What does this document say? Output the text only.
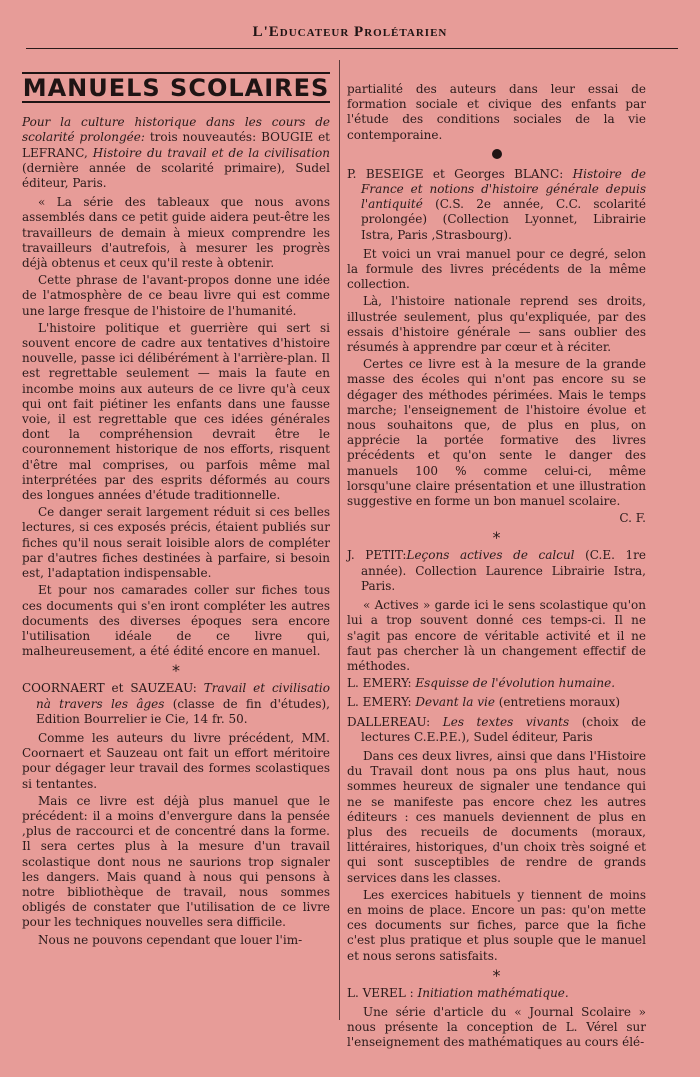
L'Educateur Prolétarien
MANUELS SCOLAIRES

Pour la culture historique dans les cours de scolarité prolongée: trois nouveautés: BOUGIE et LEFRANC, Histoire du travail et de la civilisation (dernière année de scolarité primaire), Sudel éditeur, Paris.

« La série des tableaux que nous avons assemblés dans ce petit guide aidera peut-être les travailleurs de demain à mieux comprendre les travailleurs d'autrefois, à mesurer les progrès déjà obtenus et ceux qu'il reste à obtenir.

Cette phrase de l'avant-propos donne une idée de l'atmosphère de ce beau livre qui est comme une large fresque de l'histoire de l'humanité.

L'histoire politique et guerrière qui sert si souvent encore de cadre aux tentatives d'histoire nouvelle, passe ici délibérément à l'arrière-plan. Il est regrettable seulement — mais la faute en incombe moins aux auteurs de ce livre qu'à ceux qui ont fait piétiner les enfants dans une fausse voie, il est regrettable que ces idées générales dont la compréhension devrait être le couronnement historique de nos efforts, risquent d'être mal comprises, ou parfois même mal interprétées par des esprits déformés au cours des longues années d'étude traditionnelle.

Ce danger serait largement réduit si ces belles lectures, si ces exposés précis, étaient publiés sur fiches qu'il nous serait loisible alors de compléter par d'autres fiches destinées à parfaire, si besoin est, l'adaptation indispensable.

Et pour nos camarades coller sur fiches tous ces documents qui s'en iront compléter les autres documents des diverses époques sera encore l'utilisation idéale de ce livre qui, malheureusement, a été édité encore en manuel.

*

COORNAERT et SAUZEAU: Travail et civilisatio nà travers les âges (classe de fin d'études), Edition Bourrelier ie Cie, 14 fr. 50.

Comme les auteurs du livre précédent, MM. Coornaert et Sauzeau ont fait un effort méritoire pour dégager leur travail des formes scolastiques si tentantes.

Mais ce livre est déjà plus manuel que le précédent: il a moins d'envergure dans la pensée ,plus de raccourci et de concentré dans la forme. Il sera certes plus à la mesure d'un travail scolastique dont nous ne saurions trop signaler les dangers. Mais quand à nous qui pensons à notre bibliothèque de travail, nous sommes obligés de constater que l'utilisation de ce livre pour les techniques nouvelles sera difficile.

Nous ne pouvons cependant que louer l'im-

partialité des auteurs dans leur essai de formation sociale et civique des enfants par l'étude des conditions sociales de la vie contemporaine.

P. BESEIGE et Georges BLANC: Histoire de France et notions d'histoire générale depuis l'antiquité (C.S. 2e année, C.C. scolarité prolongée) (Collection Lyonnet, Librairie Istra, Paris ,Strasbourg).

Et voici un vrai manuel pour ce degré, selon la formule des livres précédents de la même collection.

Là, l'histoire nationale reprend ses droits, illustrée seulement, plus qu'expliquée, par des essais d'histoire générale — sans oublier des résumés à apprendre par cœur et à réciter.

Certes ce livre est à la mesure de la grande masse des écoles qui n'ont pas encore su se dégager des méthodes périmées. Mais le temps marche; l'enseignement de l'histoire évolue et nous souhaitons que, de plus en plus, on apprécie la portée formative des livres précédents et qu'on sente le danger des manuels 100 % comme celui-ci, même lorsqu'une claire présentation et une illustration suggestive en forme un bon manuel scolaire.

C. F.

*

J. PETIT:Leçons actives de calcul (C.E. 1re année). Collection Laurence Librairie Istra, Paris.

« Actives » garde ici le sens scolastique qu'on lui a trop souvent donné ces temps-ci. Il ne s'agit pas encore de véritable activité et il ne faut pas chercher là un changement effectif de méthodes.

L. EMERY: Esquisse de l'évolution humaine.

L. EMERY: Devant la vie (entretiens moraux)

DALLEREAU: Les textes vivants (choix de lectures C.E.P.E.), Sudel éditeur, Paris

Dans ces deux livres, ainsi que dans l'Histoire du Travail dont nous pa ons plus haut, nous sommes heureux de signaler une tendance qui ne se manifeste pas encore chez les autres éditeurs : ces manuels deviennent de plus en plus des recueils de documents (moraux, littéraires, historiques, d'un choix très soigné et qui sont susceptibles de rendre de grands services dans les classes.

Les exercices habituels y tiennent de moins en moins de place. Encore un pas: qu'on mette ces documents sur fiches, parce que la fiche c'est plus pratique et plus souple que le manuel et nous serons satisfaits.

*

L. VEREL : Initiation mathématique.

Une série d'article du « Journal Scolaire » nous présente la conception de L. Vérel sur l'enseignement des mathématiques au cours élé-
